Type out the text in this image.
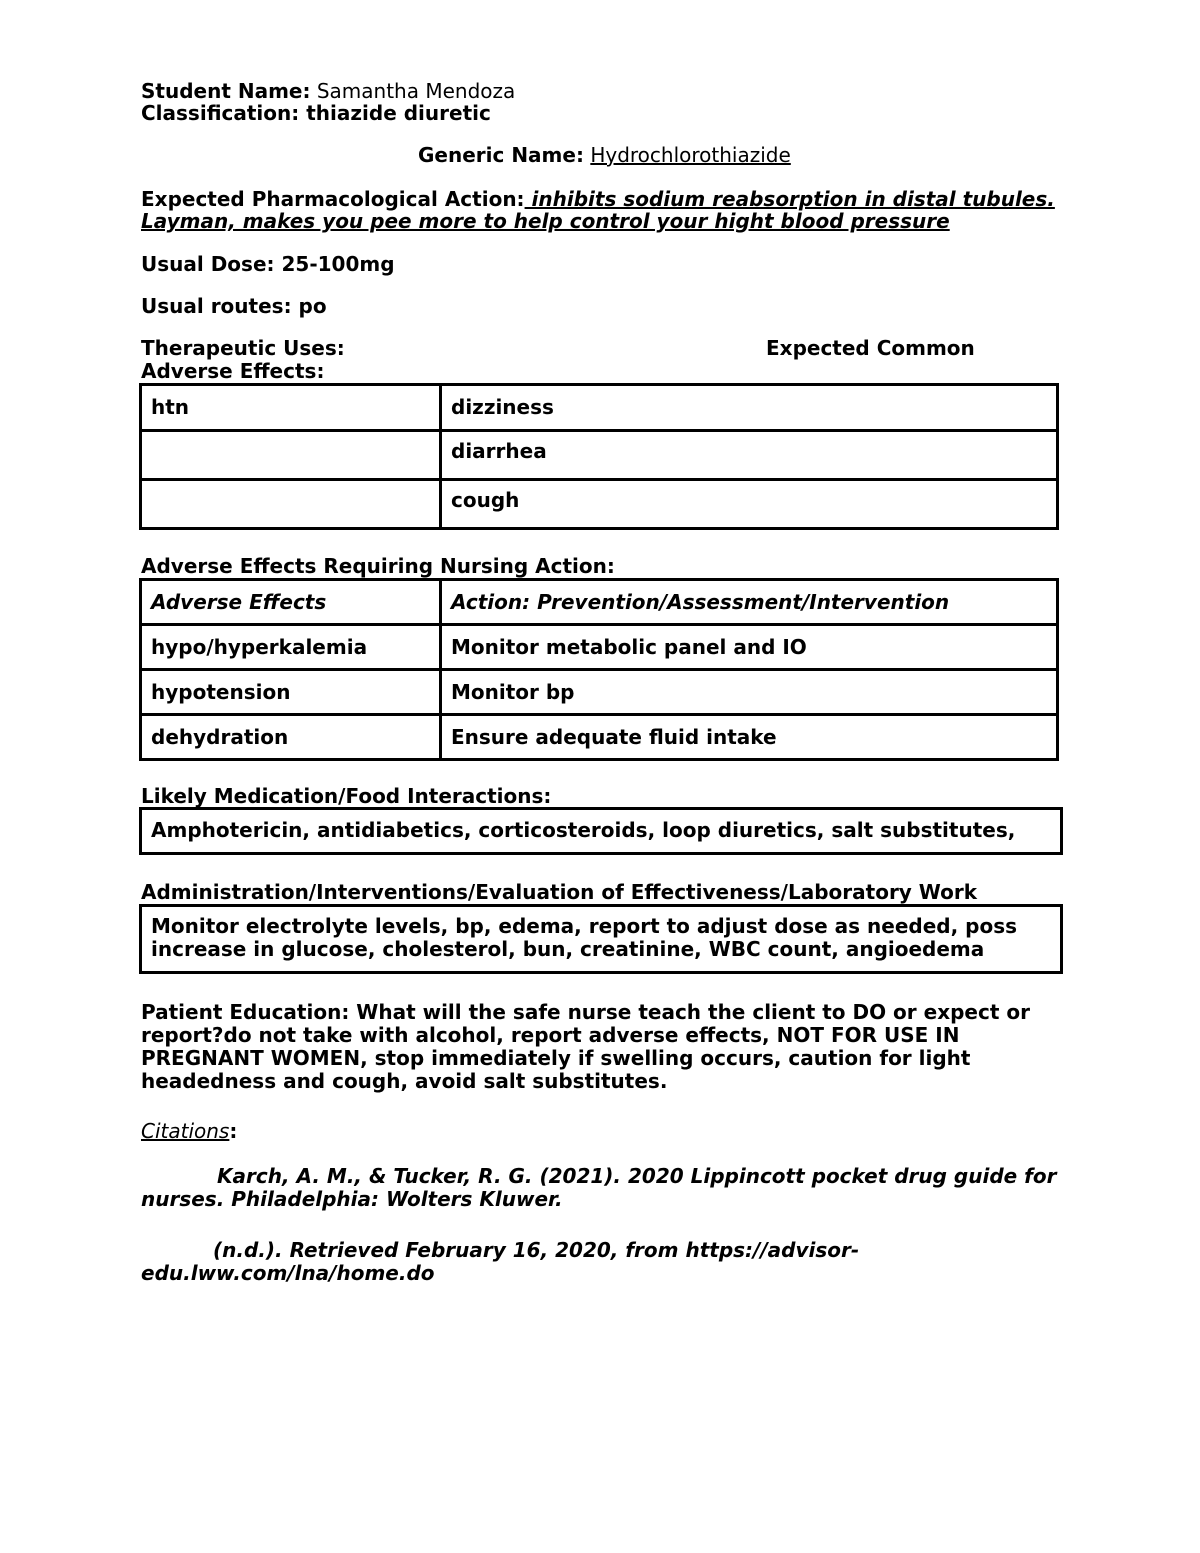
Student Name: Samantha Mendoza
Classification: thiazide diuretic
Generic Name: Hydrochlorothiazide
Expected Pharmacological Action: inhibits sodium reabsorption in distal tubules.
Layman, makes you pee more to help control your hight blood pressure
Usual Dose: 25-100mg
Usual routes: po
Therapeutic Uses:	Expected Common
Adverse Effects:
htn	dizziness
	diarrhea
	cough
Adverse Effects Requiring Nursing Action:
Adverse Effects	Action: Prevention/Assessment/Intervention
hypo/hyperkalemia	Monitor metabolic panel and IO
hypotension	Monitor bp
dehydration	Ensure adequate fluid intake
Likely Medication/Food Interactions:
Amphotericin, antidiabetics, corticosteroids, loop diuretics, salt substitutes,
Administration/Interventions/Evaluation of Effectiveness/Laboratory Work
Monitor electrolyte levels, bp, edema, report to adjust dose as needed, poss
increase in glucose, cholesterol, bun, creatinine, WBC count, angioedema
Patient Education: What will the safe nurse teach the client to DO or expect or
report?do not take with alcohol, report adverse effects, NOT FOR USE IN
PREGNANT WOMEN, stop immediately if swelling occurs, caution for light
headedness and cough, avoid salt substitutes.
Citations:
Karch, A. M., & Tucker, R. G. (2021). 2020 Lippincott pocket drug guide for
nurses. Philadelphia: Wolters Kluwer.
(n.d.). Retrieved February 16, 2020, from https://advisor-
edu.lww.com/lna/home.do
